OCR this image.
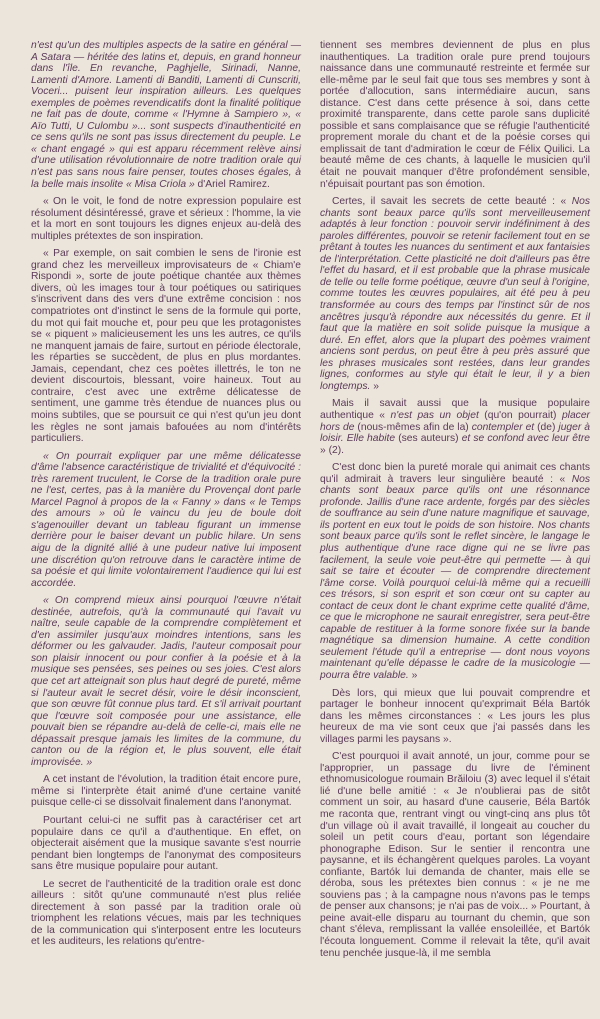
n'est qu'un des multiples aspects de la satire en général — A Satara — héritée des latins et, depuis, en grand honneur dans l'île. En revanche, Paghjelle, Sirinadi, Nanne, Lamenti d'Amore. Lamenti di Banditi, Lamenti di Cunscriti, Voceri... puisent leur inspiration ailleurs. Les quelques exemples de poèmes revendicatifs dont la finalité politique ne fait pas de doute, comme « l'Hymne à Sampiero », « Aïo Tutti, U Culombu »... sont suspects d'inauthenticité en ce sens qu'ils ne sont pas issus directement du peuple. Le « chant engagé » qui est apparu récemment relève ainsi d'une utilisation révolutionnaire de notre tradition orale qui n'est pas sans nous faire penser, toutes choses égales, à la belle mais insolite « Misa Criola » d'Ariel Ramirez.

« On le voit, le fond de notre expression populaire est résolument désintéressé, grave et sérieux : l'homme, la vie et la mort en sont toujours les dignes enjeux au-delà des multiples prétextes de son inspiration.

« Par exemple, on sait combien le sens de l'ironie est grand chez les merveilleux improvisateurs de « Chiam'e Rispondi », sorte de joute poétique chantée aux thèmes divers, où les images tour à tour poétiques ou satiriques s'inscrivent dans des vers d'une extrême concision : nos compatriotes ont d'instinct le sens de la formule qui porte, du mot qui fait mouche et, pour peu que les protagonistes se « piquent » malicieusement les uns les autres, ce qu'ils ne manquent jamais de faire, surtout en période électorale, les réparties se succèdent, de plus en plus mordantes. Jamais, cependant, chez ces poètes illettrés, le ton ne devient discourtois, blessant, voire haineux. Tout au contraire, c'est avec une extrême délicatesse de sentiment, une gamme très étendue de nuances plus ou moins subtiles, que se poursuit ce qui n'est qu'un jeu dont les règles ne sont jamais bafouées au nom d'intérêts particuliers.

« On pourrait expliquer par une même délicatesse d'âme l'absence caractéristique de trivialité et d'équivocité : très rarement truculent, le Corse de la tradition orale pure ne l'est, certes, pas à la manière du Provençal dont parle Marcel Pagnol à propos de la « Fanny » dans « le Temps des amours » où le vaincu du jeu de boule doit s'agenouiller devant un tableau figurant un immense derrière pour le baiser devant un public hilare. Un sens aigu de la dignité allié à une pudeur native lui imposent une discrétion qu'on retrouve dans le caractère intime de sa poésie et qui limite volontairement l'audience qui lui est accordée.

« On comprend mieux ainsi pourquoi l'œuvre n'était destinée, autrefois, qu'à la communauté qui l'avait vu naître, seule capable de la comprendre complètement et d'en assimiler jusqu'aux moindres intentions, sans les déformer ou les galvauder. Jadis, l'auteur composait pour son plaisir innocent ou pour confier à la poésie et à la musique ses pensées, ses peines ou ses joies. C'est alors que cet art atteignait son plus haut degré de pureté, même si l'auteur avait le secret désir, voire le désir inconscient, que son œuvre fût connue plus tard. Et s'il arrivait pourtant que l'œuvre soit composée pour une assistance, elle pouvait bien se répandre au-delà de celle-ci, mais elle ne dépassait presque jamais les limites de la commune, du canton ou de la région et, le plus souvent, elle était improvisée. »

A cet instant de l'évolution, la tradition était encore pure, même si l'interprète était animé d'une certaine vanité puisque celle-ci se dissolvait finalement dans l'anonymat.

Pourtant celui-ci ne suffit pas à caractériser cet art populaire dans ce qu'il a d'authentique. En effet, on objecterait aisément que la musique savante s'est nourrie pendant bien longtemps de l'anonymat des compositeurs sans être musique populaire pour autant.

Le secret de l'authenticité de la tradition orale est donc ailleurs : sitôt qu'une communauté n'est plus reliée directement à son passé par la tradition orale où triomphent les relations vécues, mais par les techniques de la communication qui s'interposent entre les locuteurs et les auditeurs, les relations qu'entre-

tiennent ses membres deviennent de plus en plus inauthentiques. La tradition orale pure prend toujours naissance dans une communauté restreinte et fermée sur elle-même par le seul fait que tous ses membres y sont à portée d'allocution, sans intermédiaire aucun, sans distance. C'est dans cette présence à soi, dans cette proximité transparente, dans cette parole sans duplicité possible et sans complaisance que se réfugie l'authenticité proprement morale du chant et de la poésie corses qui emplissait de tant d'admiration le cœur de Félix Quilici. La beauté même de ces chants, à laquelle le musicien qu'il était ne pouvait manquer d'être profondément sensible, n'épuisait pourtant pas son émotion.

Certes, il savait les secrets de cette beauté : « Nos chants sont beaux parce qu'ils sont merveilleusement adaptés à leur fonction : pouvoir servir indéfiniment à des paroles différentes, pouvoir se retenir facilement tout en se prêtant à toutes les nuances du sentiment et aux fantaisies de l'interprétation. Cette plasticité ne doit d'ailleurs pas être l'effet du hasard, et il est probable que la phrase musicale de telle ou telle forme poétique, œuvre d'un seul à l'origine, comme toutes les œuvres populaires, ait été peu à peu transformée au cours des temps par l'instinct sûr de nos ancêtres jusqu'à répondre aux nécessités du genre. Et il faut que la matière en soit solide puisque la musique a duré. En effet, alors que la plupart des poèmes vraiment anciens sont perdus, on peut être à peu près assuré que les phrases musicales sont restées, dans leur grandes lignes, conformes au style qui était le leur, il y a bien longtemps. »

Mais il savait aussi que la musique populaire authentique « n'est pas un objet (qu'on pourrait) placer hors de (nous-mêmes afin de la) contempler et (de) juger à loisir. Elle habite (ses auteurs) et se confond avec leur être » (2).

C'est donc bien la pureté morale qui animait ces chants qu'il admirait à travers leur singulière beauté : « Nos chants sont beaux parce qu'ils ont une résonnance profonde. Jaillis d'une race ardente, forgés par des siècles de souffrance au sein d'une nature magnifique et sauvage, ils portent en eux tout le poids de son histoire. Nos chants sont beaux parce qu'ils sont le reflet sincère, le langage le plus authentique d'une race digne qui ne se livre pas facilement, la seule voie peut-être qui permette — à qui sait se taire et écouter — de comprendre directement l'âme corse. Voilà pourquoi celui-là même qui a recueilli ces trésors, si son esprit et son cœur ont su capter au contact de ceux dont le chant exprime cette qualité d'âme, ce que le microphone ne saurait enregistrer, sera peut-être capable de restituer à la forme sonore fixée sur la bande magnétique sa dimension humaine. A cette condition seulement l'étude qu'il a entreprise — dont nous voyons maintenant qu'elle dépasse le cadre de la musicologie — pourra être valable. »

Dès lors, qui mieux que lui pouvait comprendre et partager le bonheur innocent qu'exprimait Béla Bartók dans les mêmes circonstances : « Les jours les plus heureux de ma vie sont ceux que j'ai passés dans les villages parmi les paysans ».

C'est pourquoi il avait annoté, un jour, comme pour se l'approprier, un passage du livre de l'éminent ethnomusicologue roumain Brăiloiu (3) avec lequel il s'était lié d'une belle amitié : « Je n'oublierai pas de sitôt comment un soir, au hasard d'une causerie, Béla Bartók me raconta que, rentrant vingt ou vingt-cinq ans plus tôt d'un village où il avait travaillé, il longeait au coucher du soleil un petit cours d'eau, portant son légendaire phonographe Edison. Sur le sentier il rencontra une paysanne, et ils échangèrent quelques paroles. La voyant confiante, Bartók lui demanda de chanter, mais elle se déroba, sous les prétextes bien connus : « je ne me souviens pas ; à la campagne nous n'avons pas le temps de penser aux chansons; je n'ai pas de voix... » Pourtant, à peine avait-elle disparu au tournant du chemin, que son chant s'éleva, remplissant la vallée ensoleillée, et Bartók l'écouta longuement. Comme il relevait la tête, qu'il avait tenu penchée jusque-là, il me sembla
